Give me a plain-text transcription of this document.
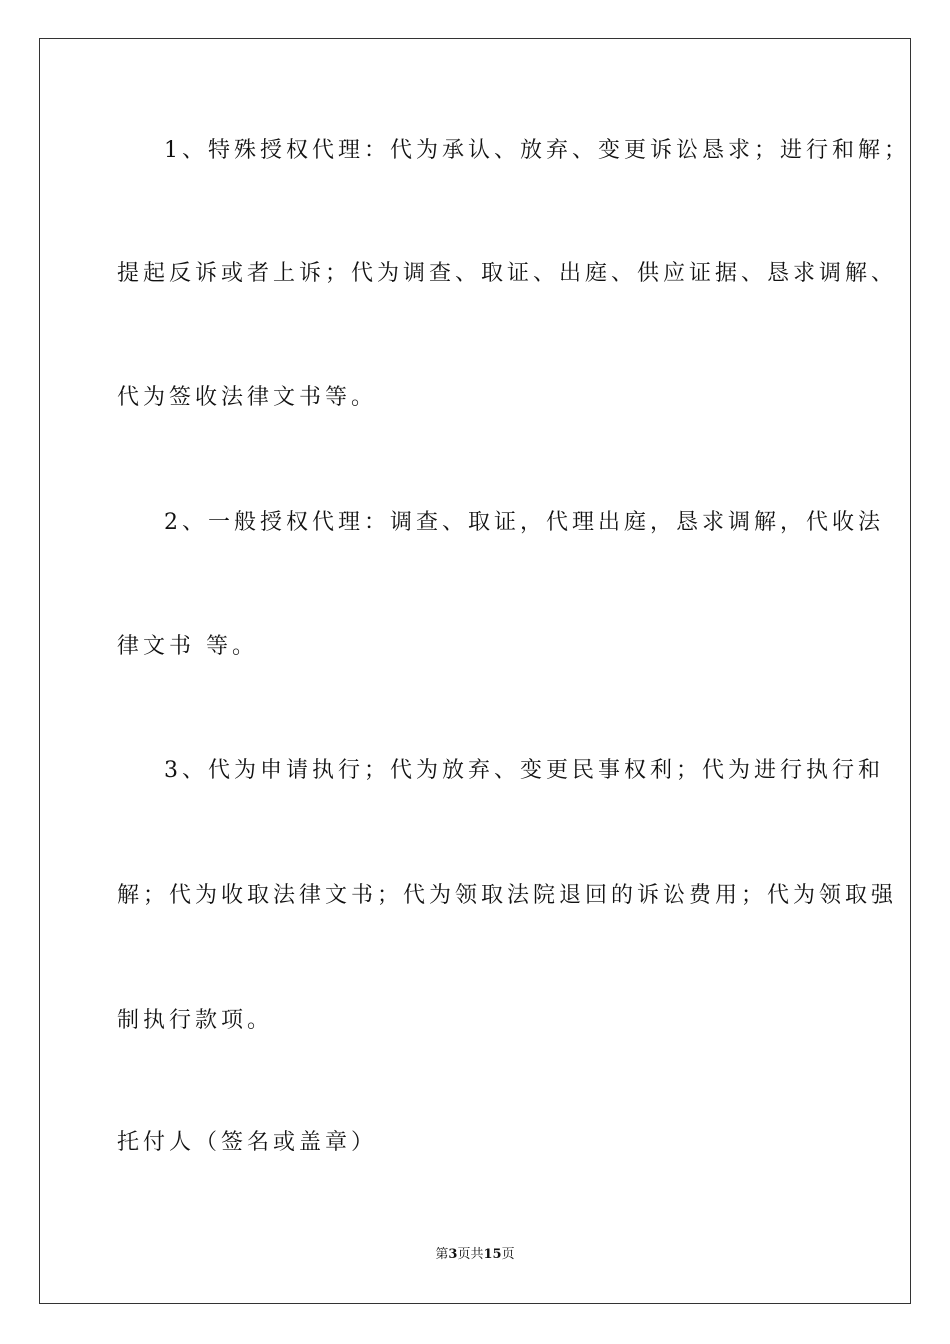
1、特殊授权代理：代为承认、放弃、变更诉讼恳求；进行和解；
提起反诉或者上诉；代为调查、取证、出庭、供应证据、恳求调解、
代为签收法律文书等。
2、一般授权代理：调查、取证，代理出庭，恳求调解，代收法
律文书 等。
3、代为申请执行；代为放弃、变更民事权利；代为进行执行和
解；代为收取法律文书；代为领取法院退回的诉讼费用；代为领取强
制执行款项。
托付人（签名或盖章）
第3页共15页
